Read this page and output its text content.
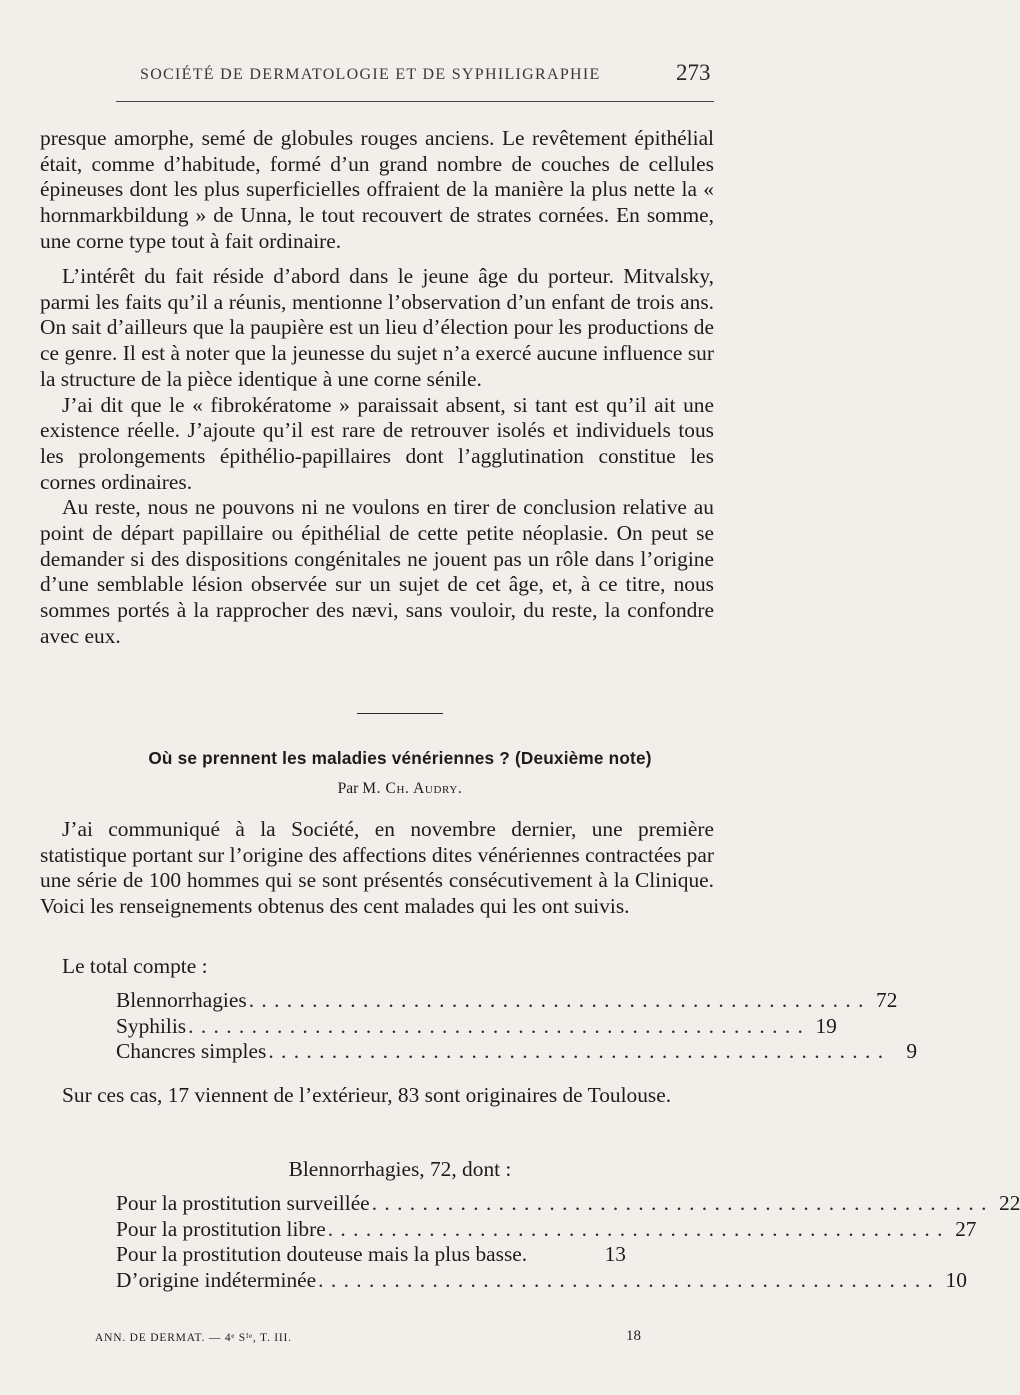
SOCIÉTÉ DE DERMATOLOGIE ET DE SYPHILIGRAPHIE	273

presque amorphe, semé de globules rouges anciens. Le revêtement épithélial était, comme d’habitude, formé d’un grand nombre de couches de cellules épineuses dont les plus superficielles offraient de la manière la plus nette la « hornmarkbildung » de Unna, le tout recouvert de strates cornées. En somme, une corne type tout à fait ordinaire.

L’intérêt du fait réside d’abord dans le jeune âge du porteur. Mitvalsky, parmi les faits qu’il a réunis, mentionne l’observation d’un enfant de trois ans. On sait d’ailleurs que la paupière est un lieu d’élection pour les productions de ce genre. Il est à noter que la jeunesse du sujet n’a exercé aucune influence sur la structure de la pièce identique à une corne sénile.

J’ai dit que le « fibrokératome » paraissait absent, si tant est qu’il ait une existence réelle. J’ajoute qu’il est rare de retrouver isolés et individuels tous les prolongements épithélio-papillaires dont l’agglutination constitue les cornes ordinaires.

Au reste, nous ne pouvons ni ne voulons en tirer de conclusion relative au point de départ papillaire ou épithélial de cette petite néoplasie. On peut se demander si des dispositions congénitales ne jouent pas un rôle dans l’origine d’une semblable lésion observée sur un sujet de cet âge, et, à ce titre, nous sommes portés à la rapprocher des nævi, sans vouloir, du reste, la confondre avec eux.

Où se prennent les maladies vénériennes ? (Deuxième note)
Par M. Ch. Audry.

J’ai communiqué à la Société, en novembre dernier, une première statistique portant sur l’origine des affections dites vénériennes contractées par une série de 100 hommes qui se sont présentés consécutivement à la Clinique. Voici les renseignements obtenus des cent malades qui les ont suivis.

Le total compte :
Blennorrhagies . . . . . . . . . . . . . . . . . . . . . . . . . . . . . . . . . . . . . . . . . . . . . . . . . 72
Syphilis . . . . . . . . . . . . . . . . . . . . . . . . . . . . . . . . . . . . . . . . . . . . . . . . . 19
Chancres simples . . . . . . . . . . . . . . . . . . . . . . . . . . . . . . . . . . . . . . . . . . . . . . . . .	9

Sur ces cas, 17 viennent de l’extérieur, 83 sont originaires de Toulouse.

Blennorrhagies, 72, dont :
Pour la prostitution surveillée . . . . . . . . . . . . . . . . . . . . . . . . . . . . . . . . . . . . . . . . . . . . . . . . . 22
Pour la prostitution libre . . . . . . . . . . . . . . . . . . . . . . . . . . . . . . . . . . . . . . . . . . . . . . . . . 27
Pour la prostitution douteuse mais la plus basse.	13
D’origine indéterminée . . . . . . . . . . . . . . . . . . . . . . . . . . . . . . . . . . . . . . . . . . . . . . . . . 10
ANN. DE DERMAT. — 4ᵉ Sᴵᵉ, T. III.	18
